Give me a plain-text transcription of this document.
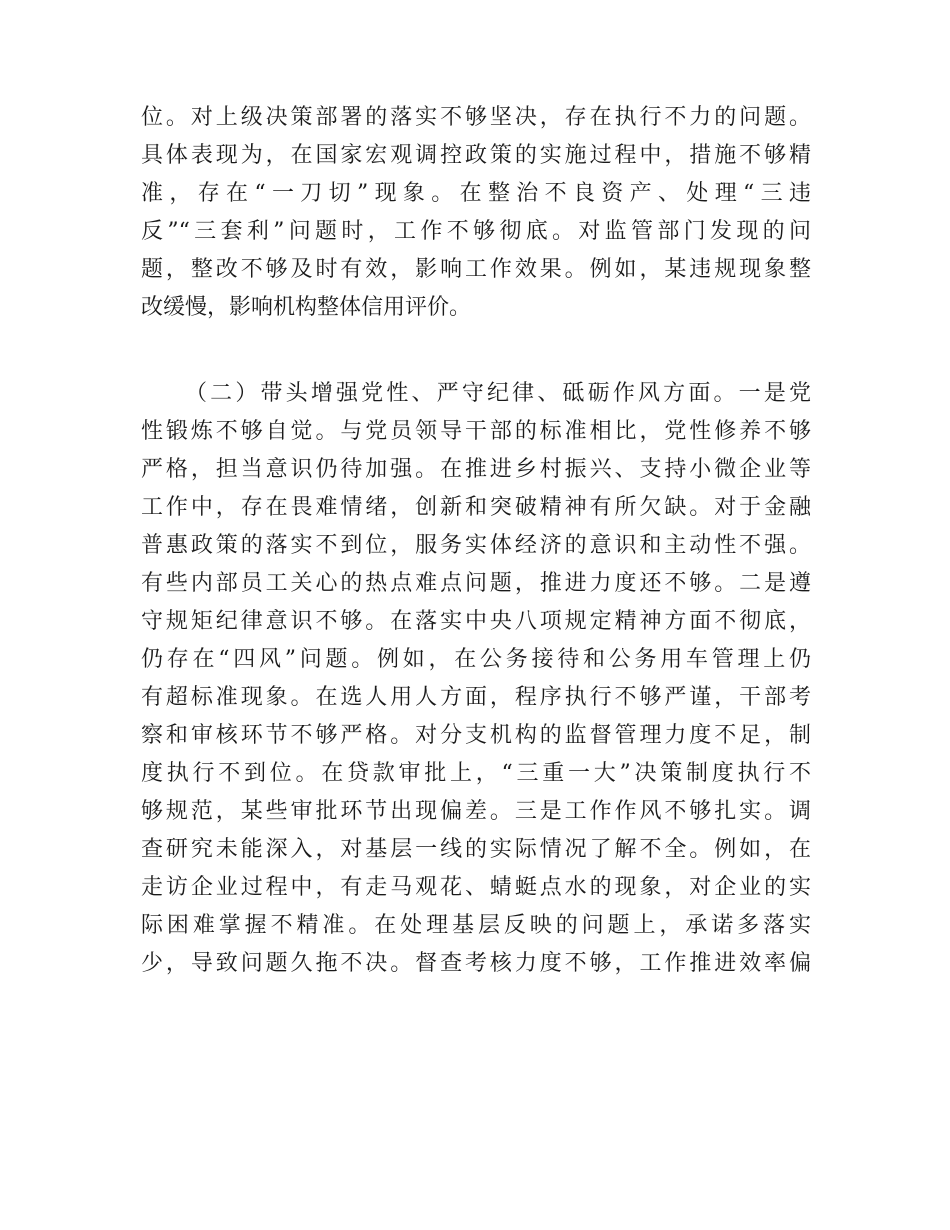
位。对上级决策部署的落实不够坚决，存在执行不力的问题。
具体表现为，在国家宏观调控政策的实施过程中，措施不够精
准，存在“一刀切”现象。在整治不良资产、处理“三违
反”“三套利”问题时，工作不够彻底。对监管部门发现的问
题，整改不够及时有效，影响工作效果。例如，某违规现象整
改缓慢，影响机构整体信用评价。
（二）带头增强党性、严守纪律、砥砺作风方面。一是党
性锻炼不够自觉。与党员领导干部的标准相比，党性修养不够
严格，担当意识仍待加强。在推进乡村振兴、支持小微企业等
工作中，存在畏难情绪，创新和突破精神有所欠缺。对于金融
普惠政策的落实不到位，服务实体经济的意识和主动性不强。
有些内部员工关心的热点难点问题，推进力度还不够。二是遵
守规矩纪律意识不够。在落实中央八项规定精神方面不彻底，
仍存在“四风”问题。例如，在公务接待和公务用车管理上仍
有超标准现象。在选人用人方面，程序执行不够严谨，干部考
察和审核环节不够严格。对分支机构的监督管理力度不足，制
度执行不到位。在贷款审批上，“三重一大”决策制度执行不
够规范，某些审批环节出现偏差。三是工作作风不够扎实。调
查研究未能深入，对基层一线的实际情况了解不全。例如，在
走访企业过程中，有走马观花、蜻蜓点水的现象，对企业的实
际困难掌握不精准。在处理基层反映的问题上，承诺多落实
少，导致问题久拖不决。督查考核力度不够，工作推进效率偏
